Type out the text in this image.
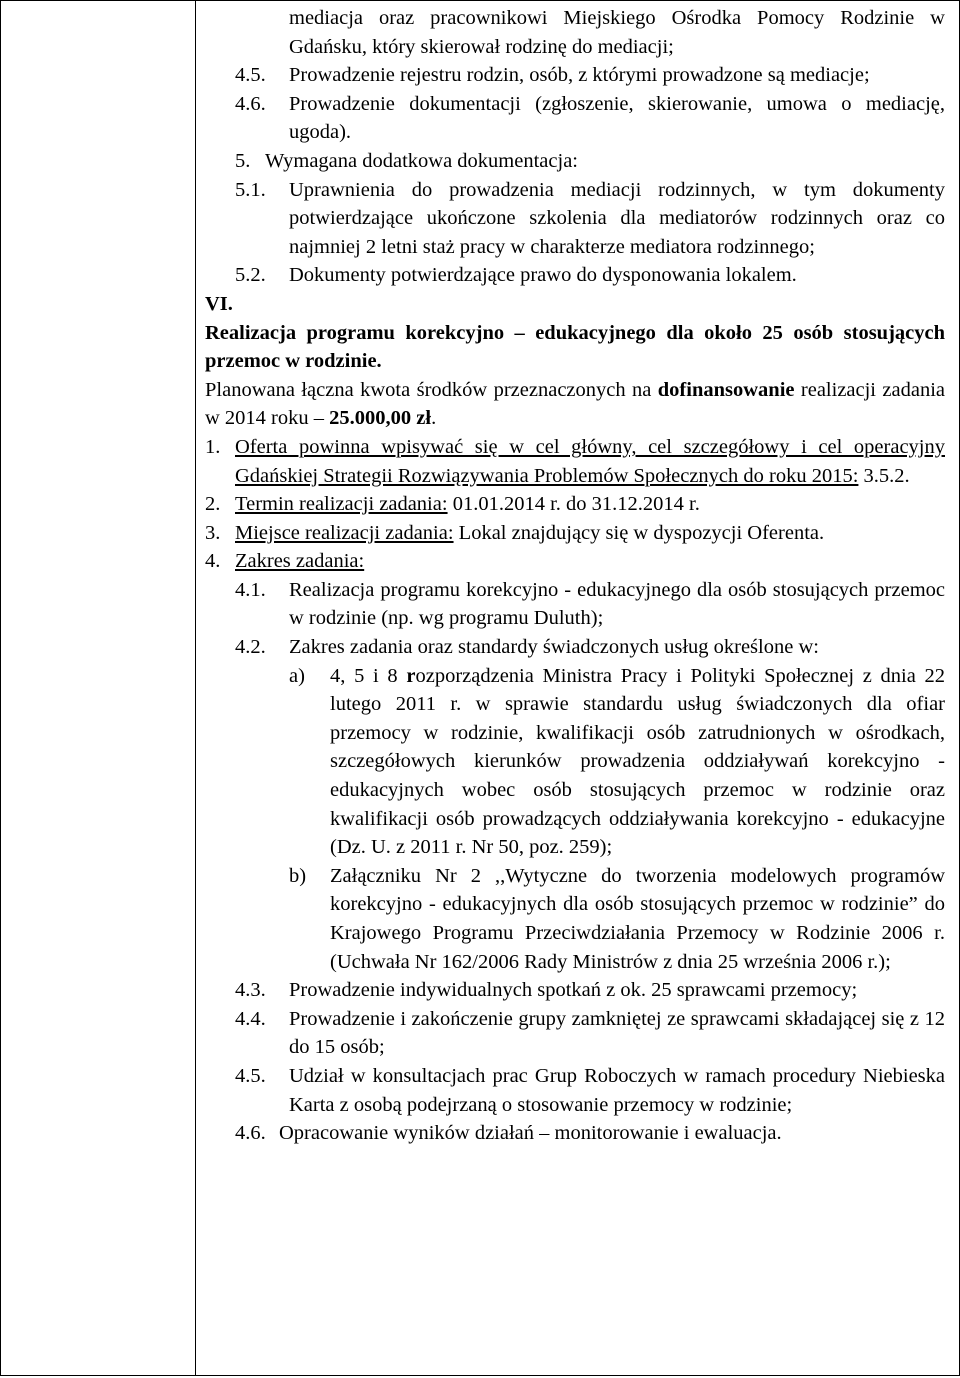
mediacja oraz pracownikowi Miejskiego Ośrodka Pomocy Rodzinie w Gdańsku, który skierował rodzinę do mediacji;
4.5.	Prowadzenie rejestru rodzin, osób, z którymi prowadzone są mediacje;
4.6.	Prowadzenie dokumentacji (zgłoszenie, skierowanie, umowa o mediację, ugoda).
5. Wymagana dodatkowa dokumentacja:
5.1.	Uprawnienia do prowadzenia mediacji rodzinnych, w tym dokumenty potwierdzające ukończone szkolenia dla mediatorów rodzinnych oraz co najmniej 2 letni staż pracy w charakterze mediatora rodzinnego;
5.2.	Dokumenty potwierdzające prawo do dysponowania lokalem.
VI.
Realizacja programu korekcyjno – edukacyjnego dla około 25 osób stosujących przemoc w rodzinie.
Planowana łączna kwota środków przeznaczonych na dofinansowanie realizacji zadania w 2014 roku – 25.000,00 zł.
1. Oferta powinna wpisywać się w cel główny, cel szczegółowy i cel operacyjny Gdańskiej Strategii Rozwiązywania Problemów Społecznych do roku 2015: 3.5.2.
2. Termin realizacji zadania: 01.01.2014 r. do 31.12.2014 r.
3. Miejsce realizacji zadania: Lokal znajdujący się w dyspozycji Oferenta.
4. Zakres zadania:
4.1.	Realizacja programu korekcyjno - edukacyjnego dla osób stosujących przemoc w rodzinie (np. wg programu Duluth);
4.2.	Zakres zadania oraz standardy świadczonych usług określone w:
a)	4, 5 i 8 rozporządzenia Ministra Pracy i Polityki Społecznej z dnia 22 lutego 2011 r. w sprawie standardu usług świadczonych dla ofiar przemocy w rodzinie, kwalifikacji osób zatrudnionych w ośrodkach, szczegółowych kierunków prowadzenia oddziaływań korekcyjno - edukacyjnych wobec osób stosujących przemoc w rodzinie oraz kwalifikacji osób prowadzących oddziaływania korekcyjno - edukacyjne (Dz. U. z 2011 r. Nr 50, poz. 259);
b)	Załączniku Nr 2 ,,Wytyczne do tworzenia modelowych programów korekcyjno - edukacyjnych dla osób stosujących przemoc w rodzinie” do Krajowego Programu Przeciwdziałania Przemocy w Rodzinie 2006 r. (Uchwała Nr 162/2006 Rady Ministrów z dnia 25 września 2006 r.);
4.3.	Prowadzenie indywidualnych spotkań z ok. 25 sprawcami przemocy;
4.4.	Prowadzenie i zakończenie grupy zamkniętej ze sprawcami składającej się z 12 do 15 osób;
4.5.	Udział w konsultacjach prac Grup Roboczych w ramach procedury Niebieska Karta z osobą podejrzaną o stosowanie przemocy w rodzinie;
4.6. Opracowanie wyników działań – monitorowanie i ewaluacja.
